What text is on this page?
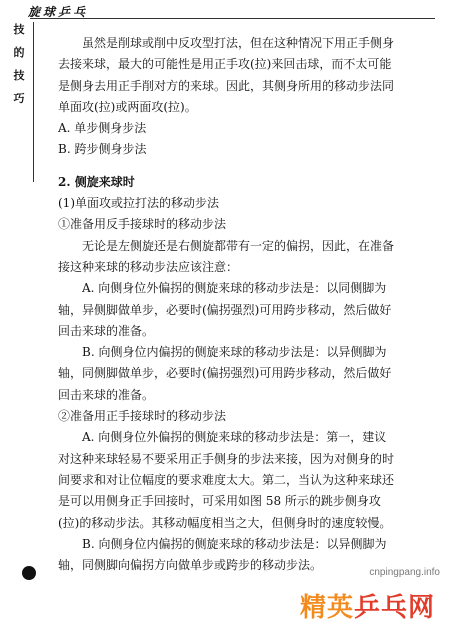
旋球乒乓
技
的
技
巧

虽然是削球或削中反攻型打法，但在这种情况下用正手侧身去接来球，最大的可能性是用正手攻(拉)来回击球，而不太可能是侧身去用正手削对方的来球。因此，其侧身所用的移动步法同单面攻(拉)或两面攻(拉)。

A. 单步侧身步法

B. 跨步侧身步法

2. 侧旋来球时

(1)单面攻或拉打法的移动步法

①准备用反手接球时的移动步法

无论是左侧旋还是右侧旋都带有一定的偏拐，因此，在准备接这种来球的移动步法应该注意：

A. 向侧身位外偏拐的侧旋来球的移动步法是：以同侧脚为轴，异侧脚做单步，必要时(偏拐强烈)可用跨步移动，然后做好回击来球的准备。

B. 向侧身位内偏拐的侧旋来球的移动步法是：以异侧脚为轴，同侧脚做单步，必要时(偏拐强烈)可用跨步移动，然后做好回击来球的准备。

②准备用正手接球时的移动步法

A. 向侧身位外偏拐的侧旋来球的移动步法是：第一，建议对这种来球轻易不要采用正手侧身的步法来接，因为对侧身的时间要求和对让位幅度的要求难度太大。第二，当认为这种来球还是可以用侧身正手回接时，可采用如图 58 所示的跳步侧身攻(拉)的移动步法。其移动幅度相当之大，但侧身时的速度较慢。

B. 向侧身位内偏拐的侧旋来球的移动步法是：以异侧脚为轴，同侧脚向偏拐方向做单步或跨步的移动步法。

cnpingpang.info
精英乒乓网
